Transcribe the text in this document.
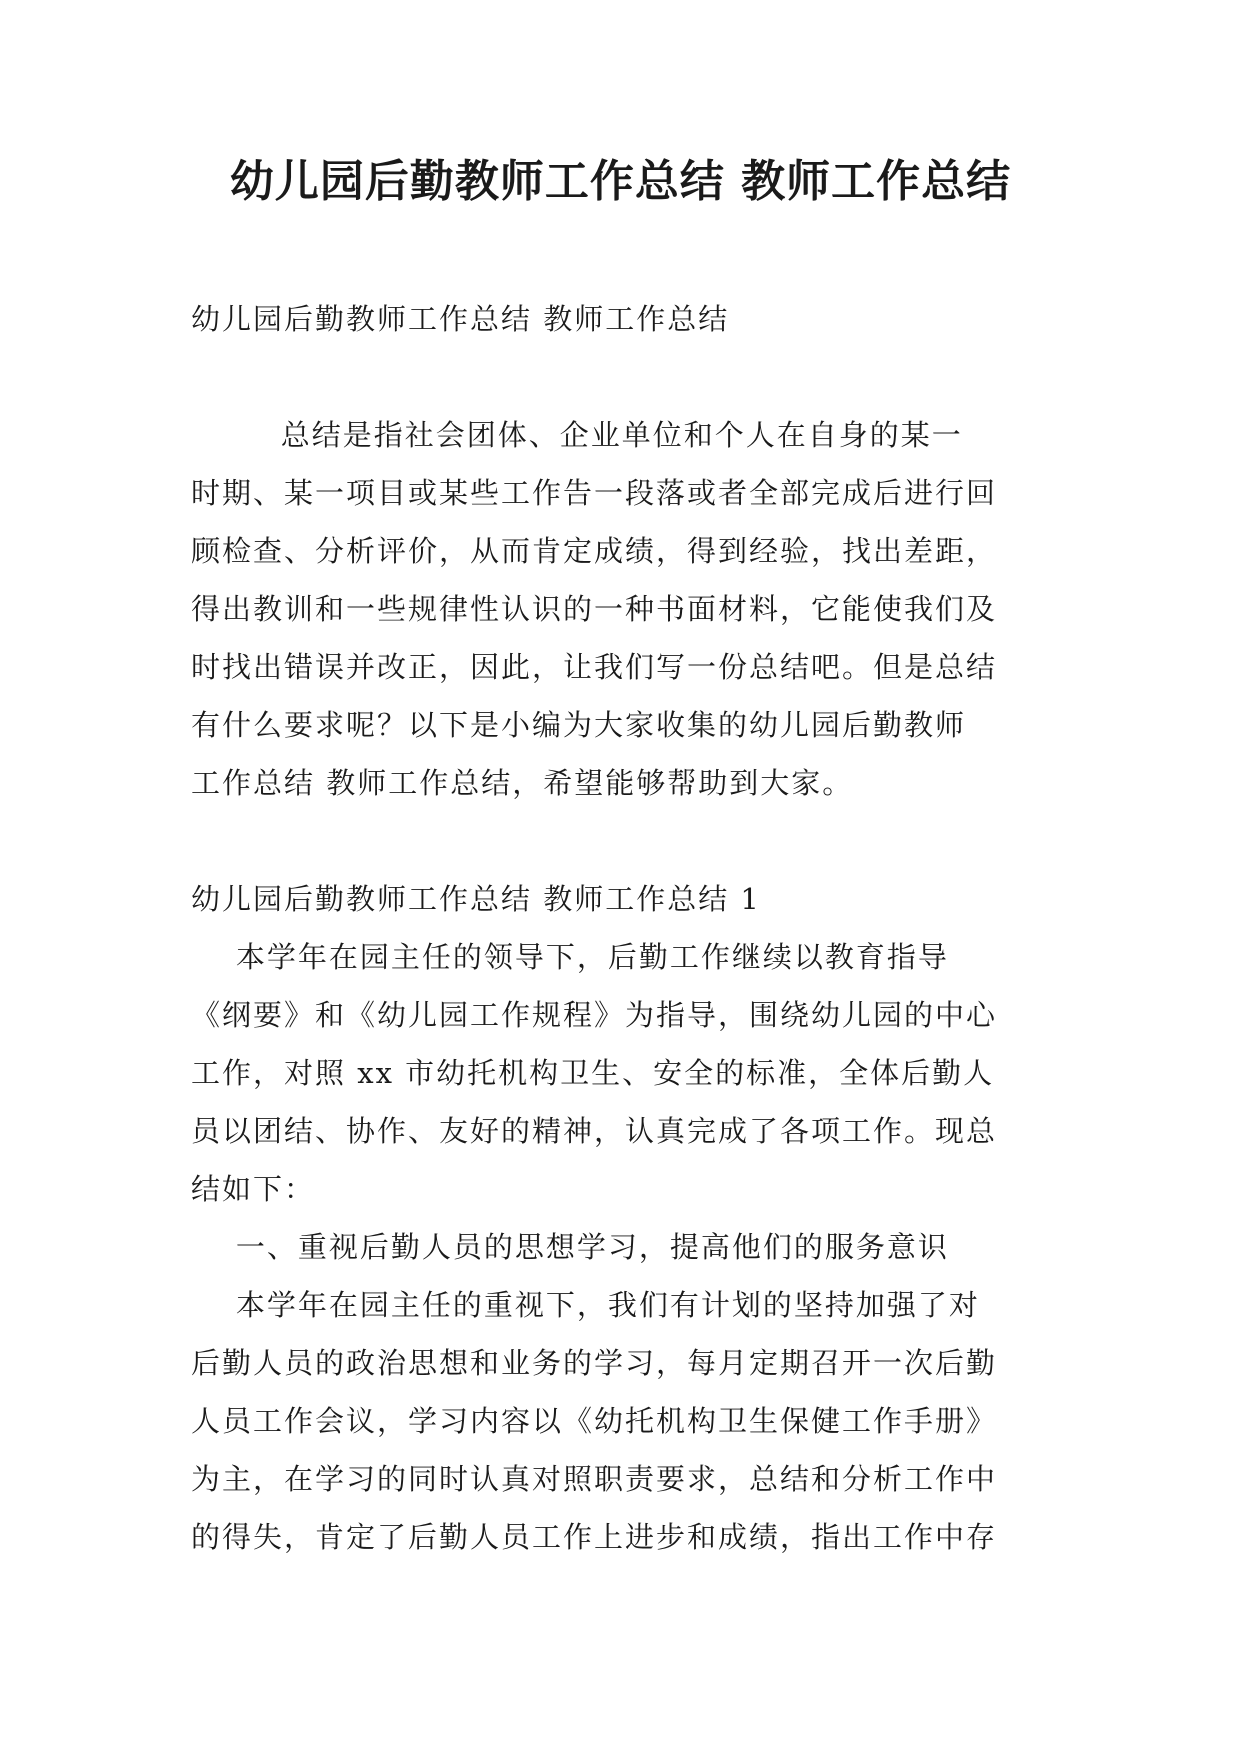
幼儿园后勤教师工作总结 教师工作总结

幼儿园后勤教师工作总结 教师工作总结

总结是指社会团体、企业单位和个人在自身的某一
时期、某一项目或某些工作告一段落或者全部完成后进行回
顾检查、分析评价，从而肯定成绩，得到经验，找出差距，
得出教训和一些规律性认识的一种书面材料，它能使我们及
时找出错误并改正，因此，让我们写一份总结吧。但是总结
有什么要求呢？以下是小编为大家收集的幼儿园后勤教师
工作总结 教师工作总结，希望能够帮助到大家。

幼儿园后勤教师工作总结 教师工作总结 1

本学年在园主任的领导下，后勤工作继续以教育指导
《纲要》和《幼儿园工作规程》为指导，围绕幼儿园的中心
工作，对照 xx 市幼托机构卫生、安全的标准，全体后勤人
员以团结、协作、友好的精神，认真完成了各项工作。现总
结如下：
一、重视后勤人员的思想学习，提高他们的服务意识
本学年在园主任的重视下，我们有计划的坚持加强了对
后勤人员的政治思想和业务的学习，每月定期召开一次后勤
人员工作会议，学习内容以《幼托机构卫生保健工作手册》
为主，在学习的同时认真对照职责要求，总结和分析工作中
的得失，肯定了后勤人员工作上进步和成绩，指出工作中存
